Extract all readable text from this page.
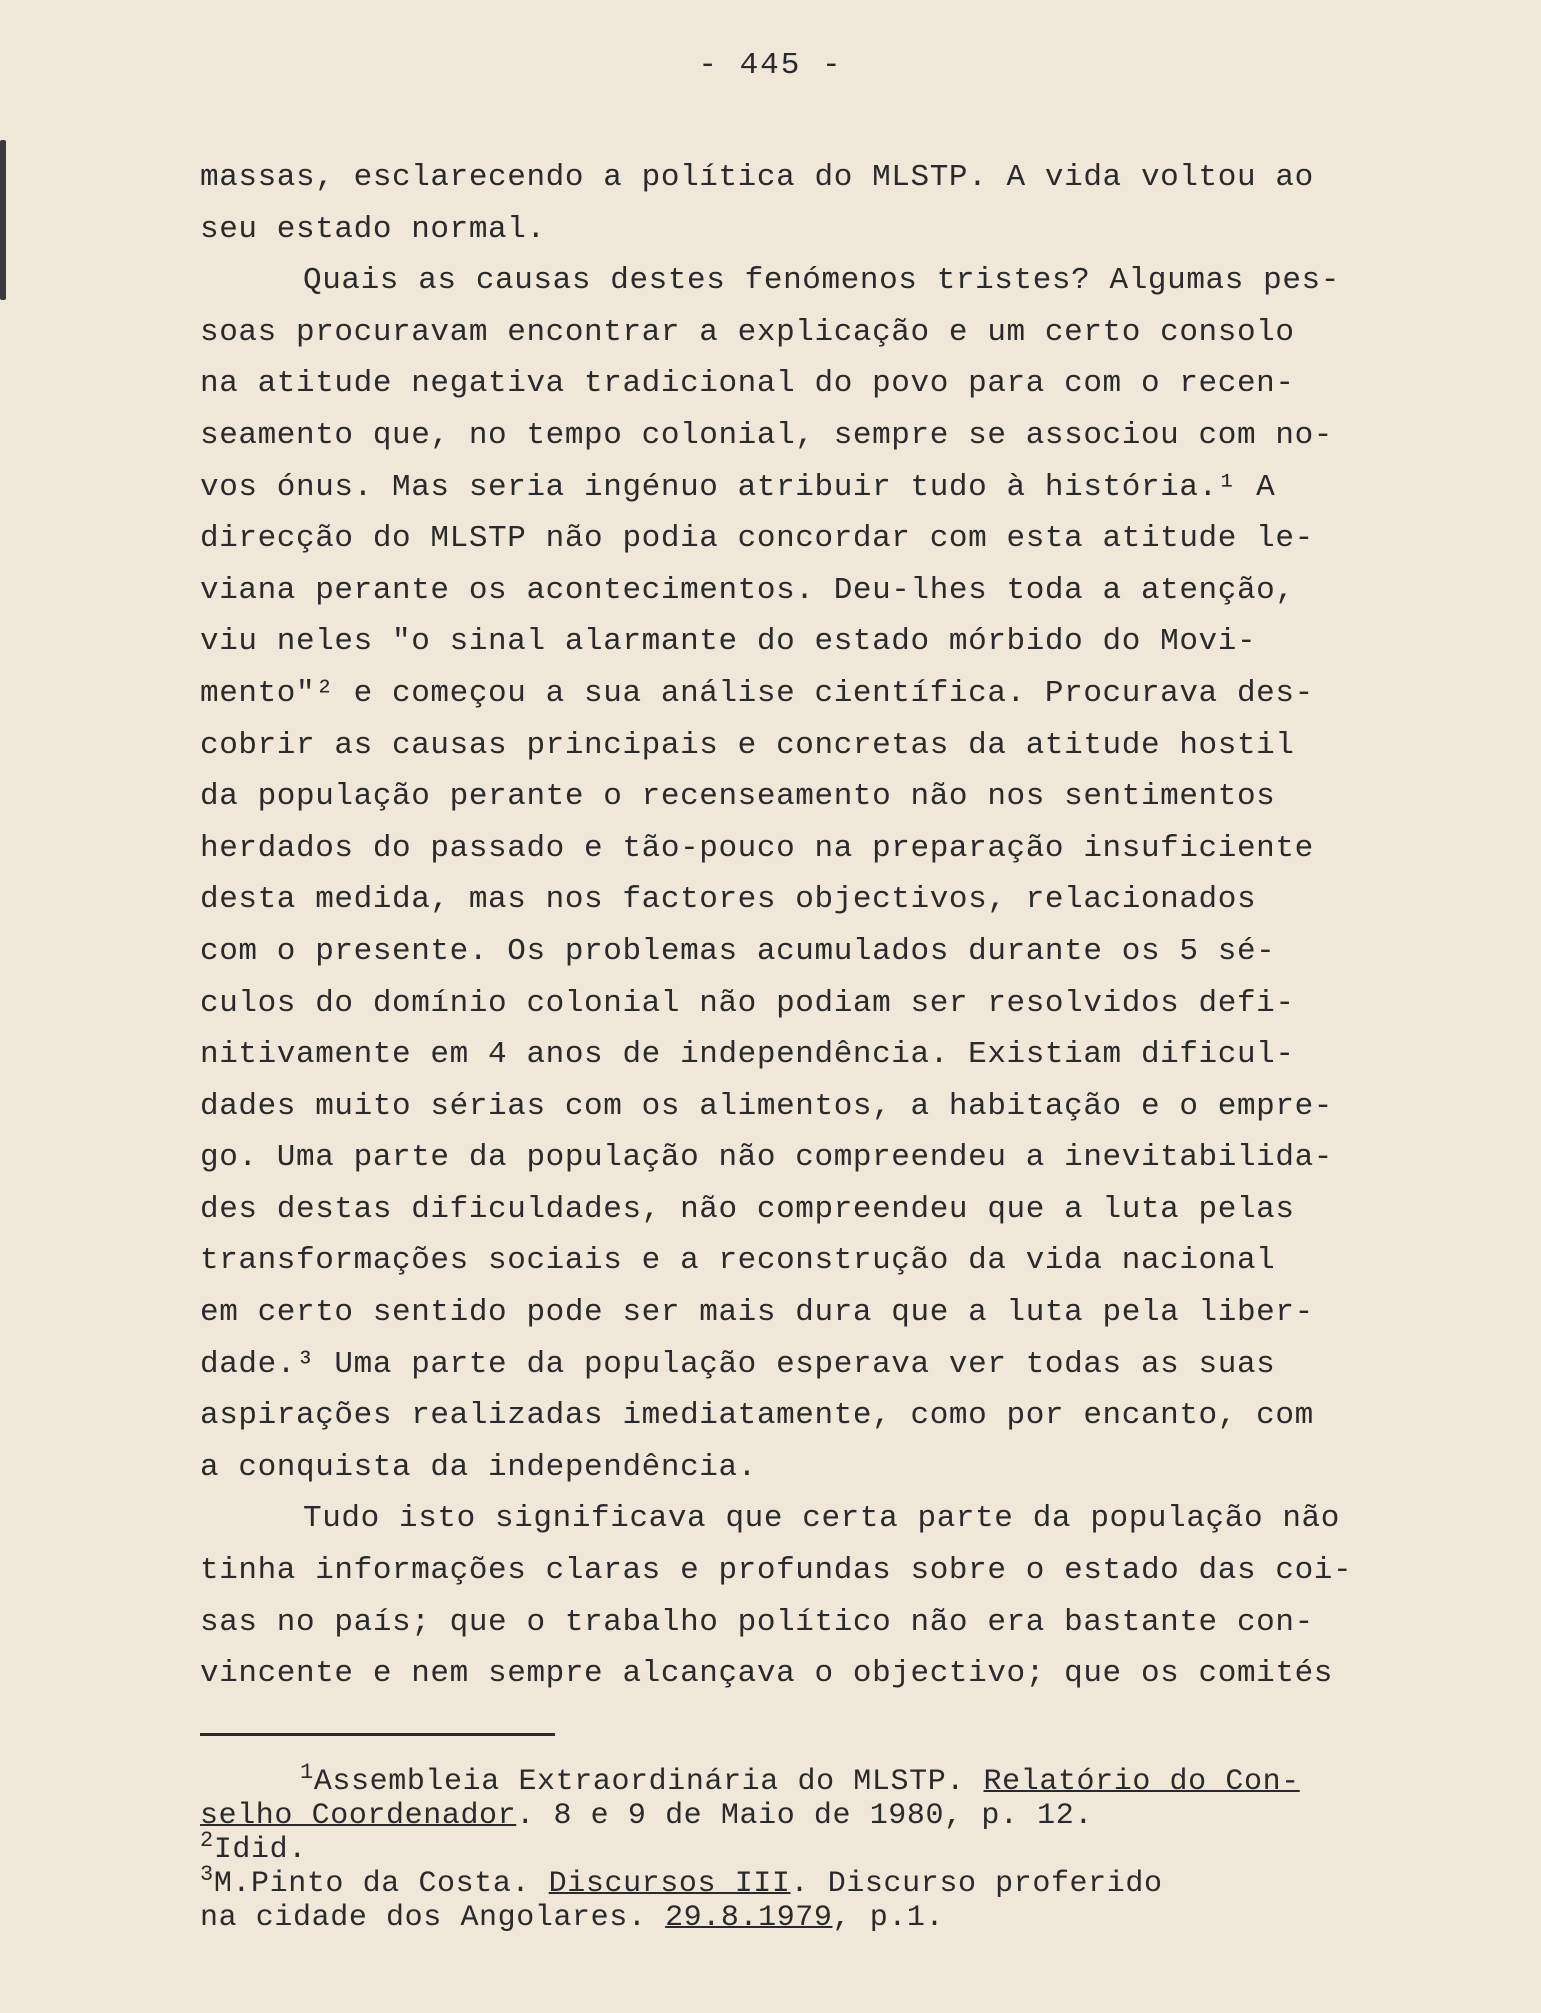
- 445 -
massas, esclarecendo a política do MLSTP. A vida voltou ao
seu estado normal.
Quais as causas destes fenómenos tristes? Algumas pes-
soas procuravam encontrar a explicação e um certo consolo
na atitude negativa tradicional do povo para com o recen-
seamento que, no tempo colonial, sempre se associou com no-
vos ónus. Mas seria ingénuo atribuir tudo à história.¹ A
direcção do MLSTP não podia concordar com esta atitude le-
viana perante os acontecimentos. Deu-lhes toda a atenção,
viu neles "o sinal alarmante do estado mórbido do Movi-
mento"² e começou a sua análise científica. Procurava des-
cobrir as causas principais e concretas da atitude hostil
da população perante o recenseamento não nos sentimentos
herdados do passado e tão-pouco na preparação insuficiente
desta medida, mas nos factores objectivos, relacionados
com o presente. Os problemas acumulados durante os 5 sé-
culos do domínio colonial não podiam ser resolvidos defi-
nitivamente em 4 anos de independência. Existiam dificul-
dades muito sérias com os alimentos, a habitação e o empre-
go. Uma parte da população não compreendeu a inevitabilida-
des destas dificuldades, não compreendeu que a luta pelas
transformações sociais e a reconstrução da vida nacional
em certo sentido pode ser mais dura que a luta pela liber-
dade.³ Uma parte da população esperava ver todas as suas
aspirações realizadas imediatamente, como por encanto, com
a conquista da independência.
Tudo isto significava que certa parte da população não
tinha informações claras e profundas sobre o estado das coi-
sas no país; que o trabalho político não era bastante con-
vincente e nem sempre alcançava o objectivo; que os comités
$^1$Assembleia Extraordinária do MLSTP. Relatório do Con-
selho Coordenador. 8 e 9 de Maio de 1980, p. 12.
$^2$Idid.
$^3$M.Pinto da Costa. Discursos III. Discurso proferido
na cidade dos Angolares. 29.8.1979, p.1.
